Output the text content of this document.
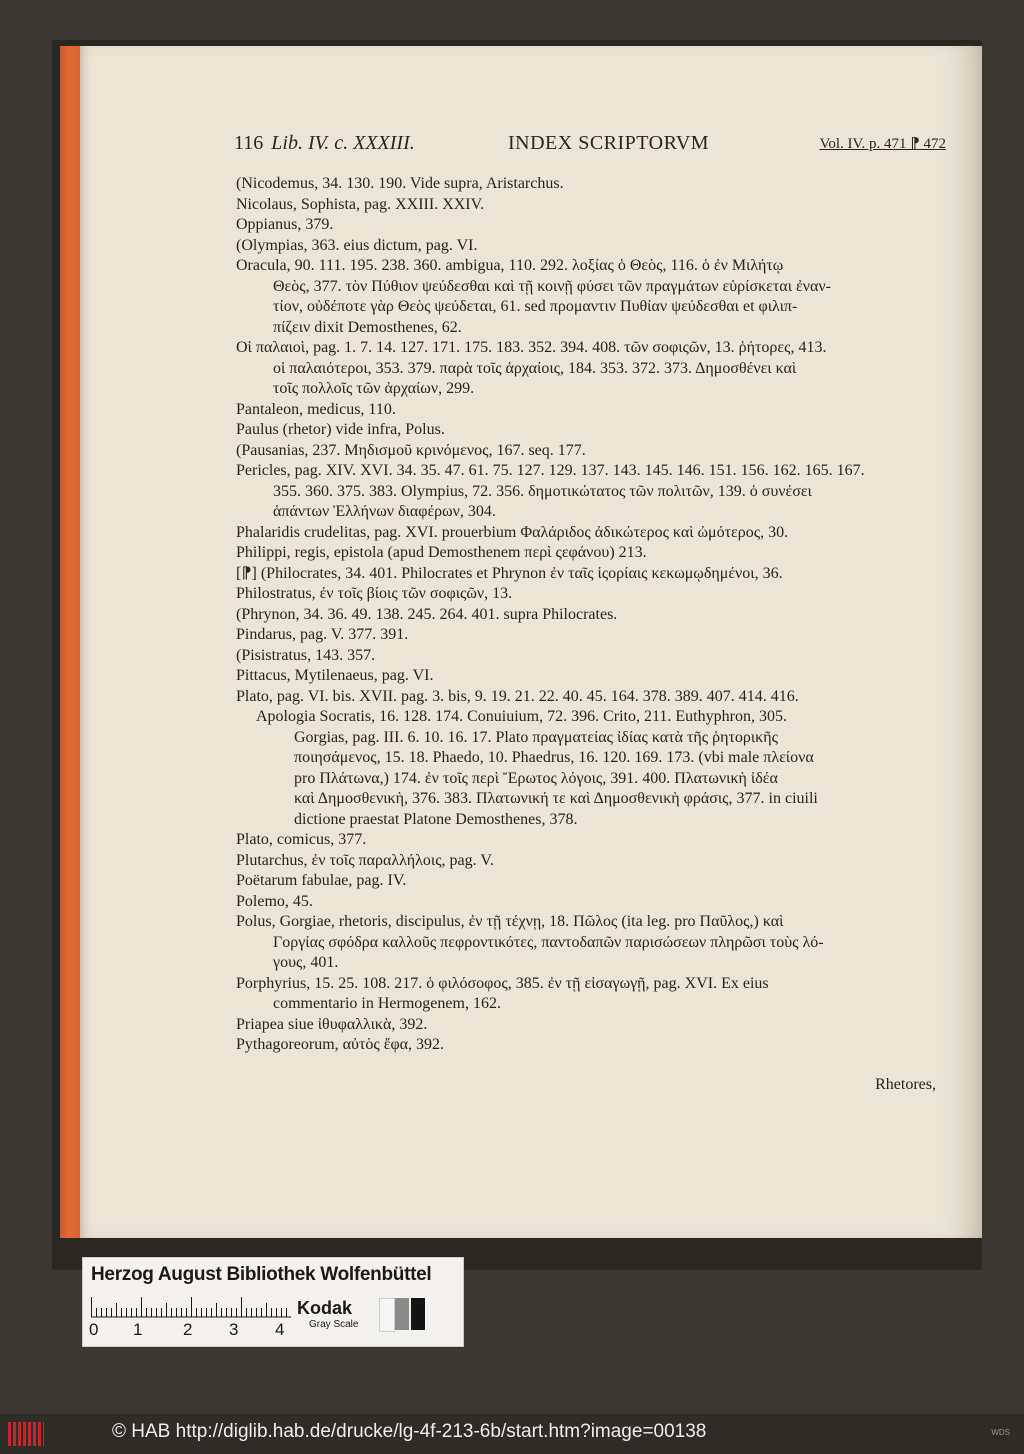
116 Lib. IV. c. XXXIII.	INDEX SCRIPTORVM	Vol. IV. p. 471 ⁋ 472
(Nicodemus, 34. 130. 190. Vide supra, Aristarchus.
Nicolaus, Sophista, pag. XXIII. XXIV.
Oppianus, 379.
(Olympias, 363. eius dictum, pag. VI.
Oracula, 90. 111. 195. 238. 360. ambigua, 110. 292. λοξίας ὁ Θεὸς, 116. ὁ ἐν Μιλήτῳ
Θεὸς, 377. τὸν Πύθιον ψεύδεσθαι καὶ τῇ κοινῇ φύσει τῶν πραγμάτων εὑρίσκεται ἐναν-
τίον, οὐδέποτε γὰρ Θεὸς ψεύδεται, 61. sed προμαντιν Πυθίαν ψεύδεσθαι et φιλιπ-
πίζειν dixit Demosthenes, 62.
Οἱ παλαιοὶ, pag. 1. 7. 14. 127. 171. 175. 183. 352. 394. 408. τῶν σοφιςῶν, 13. ῥήτορες, 413.
οἱ παλαιότεροι, 353. 379. παρὰ τοῖς ἀρχαίοις, 184. 353. 372. 373. Δημοσθένει καὶ
τοῖς πολλοῖς τῶν ἀρχαίων, 299.
Pantaleon, medicus, 110.
Paulus (rhetor) vide infra, Polus.
(Pausanias, 237. Μηδισμοῦ κρινόμενος, 167. seq. 177.
Pericles, pag. XIV. XVI. 34. 35. 47. 61. 75. 127. 129. 137. 143. 145. 146. 151. 156. 162. 165. 167.
355. 360. 375. 383. Olympius, 72. 356. δημοτικώτατος τῶν πολιτῶν, 139. ὁ συνέσει
ἁπάντων Ἑλλήνων διαφέρων, 304.
Phalaridis crudelitas, pag. XVI. prouerbium Φαλάριδος ἀδικώτερος καὶ ὠμότερος, 30.
Philippi, regis, epistola (apud Demosthenem περὶ ςεφάνου) 213.
[⁋] (Philocrates, 34. 401. Philocrates et Phrynon ἐν ταῖς ἱςορίαις κεκωμῳδημένοι, 36.
Philostratus, ἐν τοῖς βίοις τῶν σοφιςῶν, 13.
(Phrynon, 34. 36. 49. 138. 245. 264. 401. supra Philocrates.
Pindarus, pag. V. 377. 391.
(Pisistratus, 143. 357.
Pittacus, Mytilenaeus, pag. VI.
Plato, pag. VI. bis. XVII. pag. 3. bis, 9. 19. 21. 22. 40. 45. 164. 378. 389. 407. 414. 416.
Apologia Socratis, 16. 128. 174. Conuiuium, 72. 396. Crito, 211. Euthyphron, 305.
Gorgias, pag. III. 6. 10. 16. 17. Plato πραγματείας ἰδίας κατὰ τῆς ῥητορικῆς
ποιησάμενος, 15. 18. Phaedo, 10. Phaedrus, 16. 120. 169. 173. (vbi male πλείονα
pro Πλάτωνα,) 174. ἐν τοῖς περὶ Ἔρωτος λόγοις, 391. 400. Πλατωνικὴ ἰδέα
καὶ Δημοσθενικὴ, 376. 383. Πλατωνική τε καὶ Δημοσθενικὴ φράσις, 377. in ciuili
dictione praestat Platone Demosthenes, 378.
Plato, comicus, 377.
Plutarchus, ἐν τοῖς παραλλήλοις, pag. V.
Poëtarum fabulae, pag. IV.
Polemo, 45.
Polus, Gorgiae, rhetoris, discipulus, ἐν τῇ τέχνῃ, 18. Πῶλος (ita leg. pro Παῦλος,) καὶ
Γοργίας σφόδρα καλλοῦς πεφροντικότες, παντοδαπῶν παρισώσεων πληρῶσι τοὺς λό-
γους, 401.
Porphyrius, 15. 25. 108. 217. ὁ φιλόσοφος, 385. ἐν τῇ εἰσαγωγῇ, pag. XVI. Ex eius
commentario in Hermogenem, 162.
Priapea siue ἰθυφαλλικὰ, 392.
Pythagoreorum, αὐτὸς ἔφα, 392.
Rhetores,
Herzog August Bibliothek Wolfenbüttel
0 1 2 3 4
Kodak
Gray Scale
© HAB http://diglib.hab.de/drucke/lg-4f-213-6b/start.htm?image=00138	WDS
